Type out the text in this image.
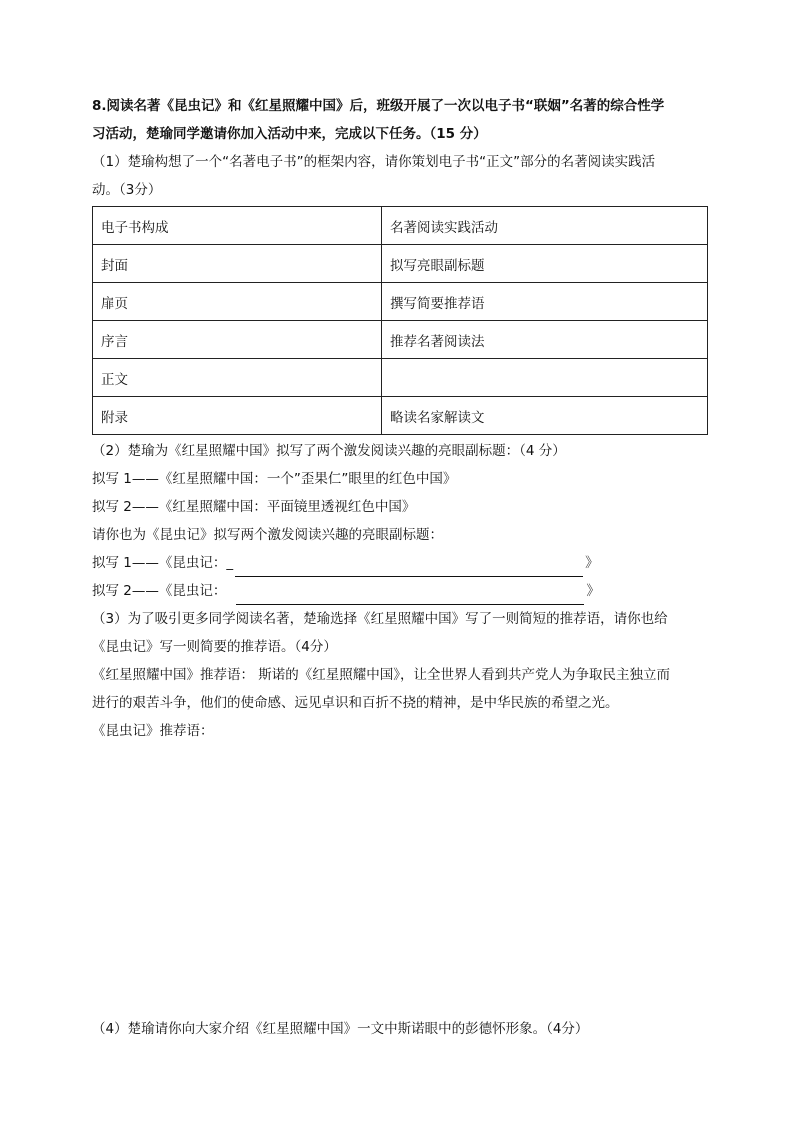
8.阅读名著《昆虫记》和《红星照耀中国》后，班级开展了一次以电子书“联姻”名著的综合性学
习活动，楚瑜同学邀请你加入活动中来，完成以下任务。（15 分）
（1）楚瑜构想了一个“名著电子书”的框架内容，请你策划电子书“正文”部分的名著阅读实践活
动。（3分）
电子书构成	名著阅读实践活动
封面	拟写亮眼副标题
扉页	撰写简要推荐语
序言	推荐名著阅读法
正文	
附录	略读名家解读文
（2）楚瑜为《红星照耀中国》拟写了两个激发阅读兴趣的亮眼副标题：（4 分）
拟写 1——《红星照耀中国：一个”歪果仁”眼里的红色中国》
拟写 2——《红星照耀中国：平面镜里透视红色中国》
请你也为《昆虫记》拟写两个激发阅读兴趣的亮眼副标题：
拟写 1——《昆虫记：_	》
拟写 2——《昆虫记：	》
（3）为了吸引更多同学阅读名著，楚瑜选择《红星照耀中国》写了一则简短的推荐语，请你也给
《昆虫记》写一则简要的推荐语。（4分）
《红星照耀中国》推荐语： 斯诺的《红星照耀中国》，让全世界人看到共产党人为争取民主独立而
进行的艰苦斗争，他们的使命感、远见卓识和百折不挠的精神，是中华民族的希望之光。
《昆虫记》推荐语：
（4）楚瑜请你向大家介绍《红星照耀中国》一文中斯诺眼中的彭德怀形象。（4分）
